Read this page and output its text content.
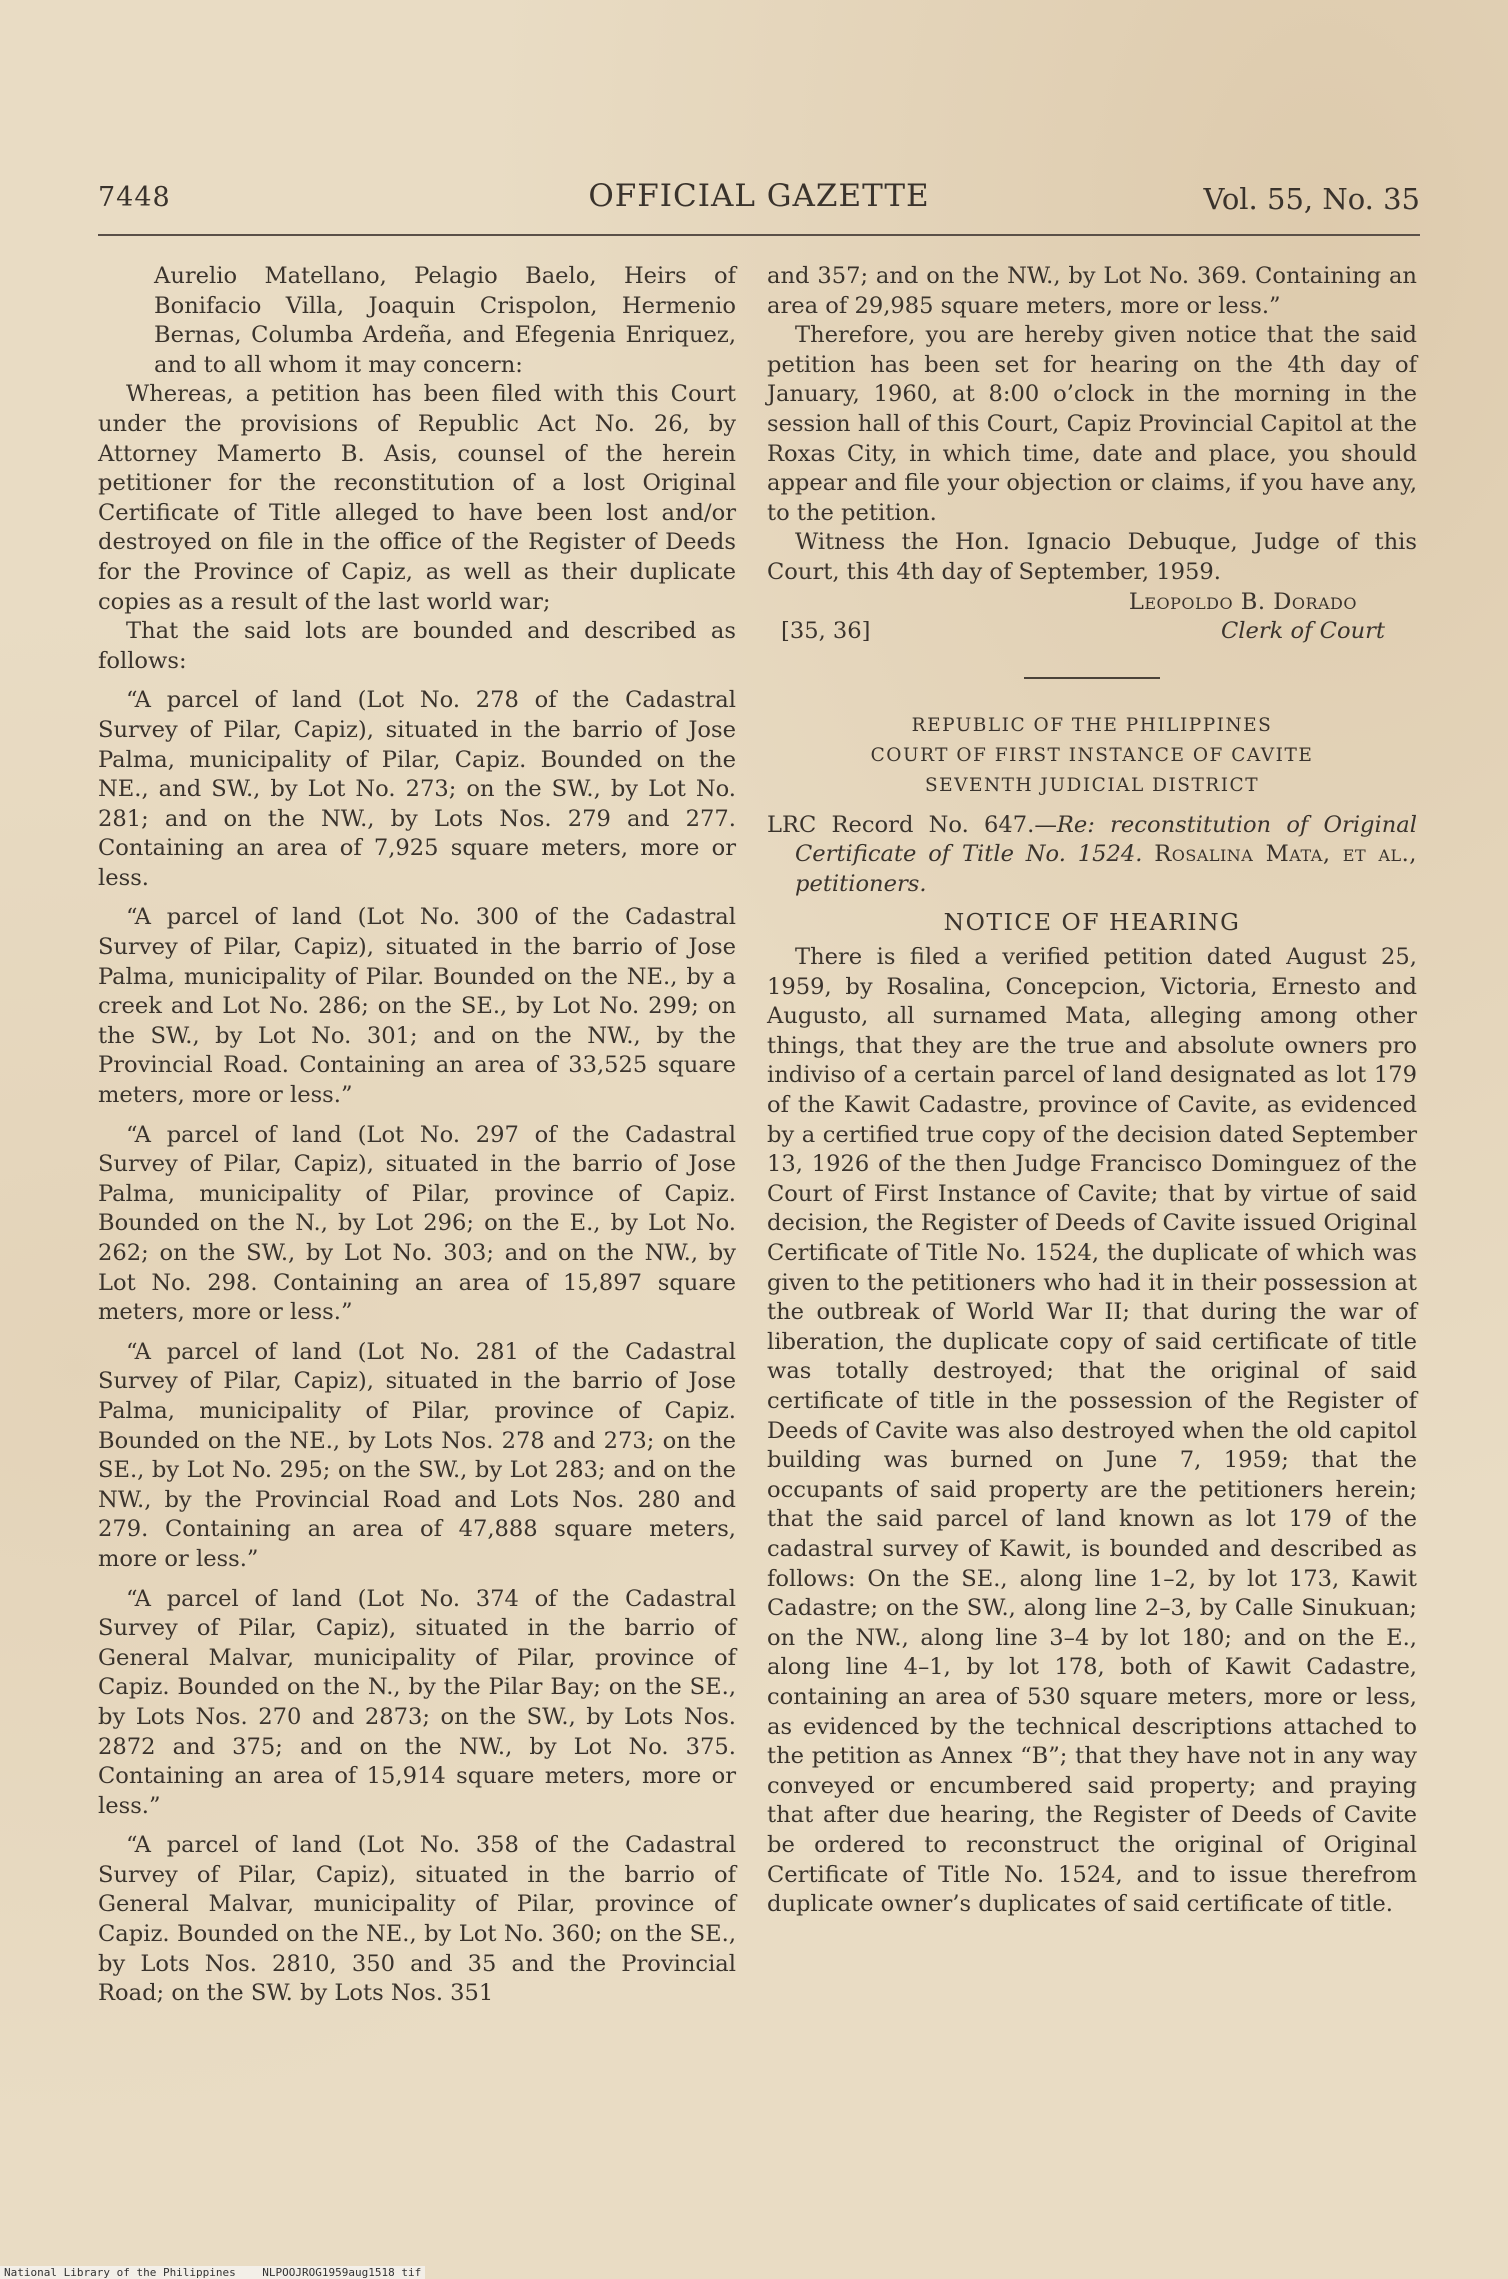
7448	OFFICIAL GAZETTE	Vol. 55, No. 35

Aurelio Matellano, Pelagio Baelo, Heirs of Bonifacio Villa, Joaquin Crispolon, Hermenio Bernas, Columba Ardeña, and Efegenia Enriquez, and to all whom it may concern:

Whereas, a petition has been filed with this Court under the provisions of Republic Act No. 26, by Attorney Mamerto B. Asis, counsel of the herein petitioner for the reconstitution of a lost Original Certificate of Title alleged to have been lost and/or destroyed on file in the office of the Register of Deeds for the Province of Capiz, as well as their duplicate copies as a result of the last world war;

That the said lots are bounded and described as follows:

“A parcel of land (Lot No. 278 of the Cadastral Survey of Pilar, Capiz), situated in the barrio of Jose Palma, municipality of Pilar, Capiz. Bounded on the NE., and SW., by Lot No. 273; on the SW., by Lot No. 281; and on the NW., by Lots Nos. 279 and 277. Containing an area of 7,925 square meters, more or less.

“A parcel of land (Lot No. 300 of the Cadastral Survey of Pilar, Capiz), situated in the barrio of Jose Palma, municipality of Pilar. Bounded on the NE., by a creek and Lot No. 286; on the SE., by Lot No. 299; on the SW., by Lot No. 301; and on the NW., by the Provincial Road. Containing an area of 33,525 square meters, more or less.”

“A parcel of land (Lot No. 297 of the Cadastral Survey of Pilar, Capiz), situated in the barrio of Jose Palma, municipality of Pilar, province of Capiz. Bounded on the N., by Lot 296; on the E., by Lot No. 262; on the SW., by Lot No. 303; and on the NW., by Lot No. 298. Containing an area of 15,897 square meters, more or less.”

“A parcel of land (Lot No. 281 of the Cadastral Survey of Pilar, Capiz), situated in the barrio of Jose Palma, municipality of Pilar, province of Capiz. Bounded on the NE., by Lots Nos. 278 and 273; on the SE., by Lot No. 295; on the SW., by Lot 283; and on the NW., by the Provincial Road and Lots Nos. 280 and 279. Containing an area of 47,888 square meters, more or less.”

“A parcel of land (Lot No. 374 of the Cadastral Survey of Pilar, Capiz), situated in the barrio of General Malvar, municipality of Pilar, province of Capiz. Bounded on the N., by the Pilar Bay; on the SE., by Lots Nos. 270 and 2873; on the SW., by Lots Nos. 2872 and 375; and on the NW., by Lot No. 375. Containing an area of 15,914 square meters, more or less.”

“A parcel of land (Lot No. 358 of the Cadastral Survey of Pilar, Capiz), situated in the barrio of General Malvar, municipality of Pilar, province of Capiz. Bounded on the NE., by Lot No. 360; on the SE., by Lots Nos. 2810, 350 and 35 and the Provincial Road; on the SW. by Lots Nos. 351

and 357; and on the NW., by Lot No. 369. Containing an area of 29,985 square meters, more or less.”

Therefore, you are hereby given notice that the said petition has been set for hearing on the 4th day of January, 1960, at 8:00 o’clock in the morning in the session hall of this Court, Capiz Provincial Capitol at the Roxas City, in which time, date and place, you should appear and file your objection or claims, if you have any, to the petition.

Witness the Hon. Ignacio Debuque, Judge of this Court, this 4th day of September, 1959.

Leopoldo B. Dorado

[35, 36]	Clerk of Court
REPUBLIC OF THE PHILIPPINES
COURT OF FIRST INSTANCE OF CAVITE
SEVENTH JUDICIAL DISTRICT

LRC Record No. 647.—Re: reconstitution of Original Certificate of Title No. 1524. Rosalina Mata, et al., petitioners.

NOTICE OF HEARING

There is filed a verified petition dated August 25, 1959, by Rosalina, Concepcion, Victoria, Ernesto and Augusto, all surnamed Mata, alleging among other things, that they are the true and absolute owners pro indiviso of a certain parcel of land designated as lot 179 of the Kawit Cadastre, province of Cavite, as evidenced by a certified true copy of the decision dated September 13, 1926 of the then Judge Francisco Dominguez of the Court of First Instance of Cavite; that by virtue of said decision, the Register of Deeds of Cavite issued Original Certificate of Title No. 1524, the duplicate of which was given to the petitioners who had it in their possession at the outbreak of World War II; that during the war of liberation, the duplicate copy of said certificate of title was totally destroyed; that the original of said certificate of title in the possession of the Register of Deeds of Cavite was also destroyed when the old capitol building was burned on June 7, 1959; that the occupants of said property are the petitioners herein; that the said parcel of land known as lot 179 of the cadastral survey of Kawit, is bounded and described as follows: On the SE., along line 1–2, by lot 173, Kawit Cadastre; on the SW., along line 2–3, by Calle Sinukuan; on the NW., along line 3–4 by lot 180; and on the E., along line 4–1, by lot 178, both of Kawit Cadastre, containing an area of 530 square meters, more or less, as evidenced by the technical descriptions attached to the petition as Annex “B”; that they have not in any way conveyed or encumbered said property; and praying that after due hearing, the Register of Deeds of Cavite be ordered to reconstruct the original of Original Certificate of Title No. 1524, and to issue therefrom duplicate owner’s duplicates of said certificate of title.

National Library of the Philippines NLPOOJROG1959aug1518 tif
